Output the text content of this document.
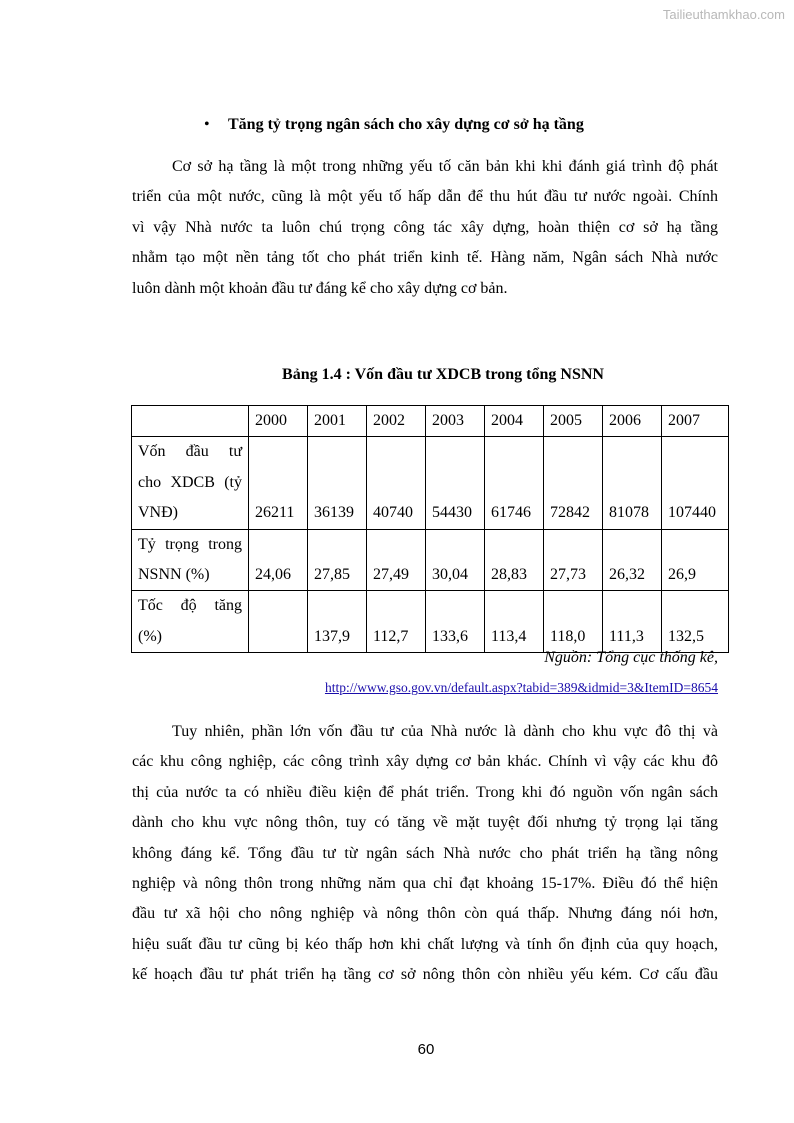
Tailieuthamkhao.com
• Tăng tỷ trọng ngân sách cho xây dựng cơ sở hạ tầng
Cơ sở hạ tầng là một trong những yếu tố căn bản khi khi đánh giá trình độ phát
triển của một nước, cũng là một yếu tố hấp dẫn để thu hút đầu tư nước ngoài. Chính
vì vậy Nhà nước ta luôn chú trọng công tác xây dựng, hoàn thiện cơ sở hạ tầng
nhằm tạo một nền tảng tốt cho phát triển kinh tế. Hàng năm, Ngân sách Nhà nước
luôn dành một khoản đầu tư đáng kể cho xây dựng cơ bản.
Bảng 1.4 : Vốn đầu tư XDCB trong tổng NSNN
	2000	2001	2002	2003	2004	2005	2006	2007

Vốn đầu tư
cho XDCB (tỷ
VNĐ)	26211	36139	40740	54430	61746	72842	81078	107440

Tỷ trọng trong
NSNN (%)	24,06	27,85	27,49	30,04	28,83	27,73	26,32	26,9

Tốc độ tăng
(%)		137,9	112,7	133,6	113,4	118,0	111,3	132,5
Nguồn: Tổng cục thống kê,
http://www.gso.gov.vn/default.aspx?tabid=389&idmid=3&ItemID=8654
Tuy nhiên, phần lớn vốn đầu tư của Nhà nước là dành cho khu vực đô thị và
các khu công nghiệp, các công trình xây dựng cơ bản khác. Chính vì vậy các khu đô
thị của nước ta có nhiều điều kiện để phát triển. Trong khi đó nguồn vốn ngân sách
dành cho khu vực nông thôn, tuy có tăng về mặt tuyệt đối nhưng tỷ trọng lại tăng
không đáng kể. Tổng đầu tư từ ngân sách Nhà nước cho phát triển hạ tầng nông
nghiệp và nông thôn trong những năm qua chỉ đạt khoảng 15-17%. Điều đó thể hiện
đầu tư xã hội cho nông nghiệp và nông thôn còn quá thấp. Nhưng đáng nói hơn,
hiệu suất đầu tư cũng bị kéo thấp hơn khi chất lượng và tính ổn định của quy hoạch,
kế hoạch đầu tư phát triển hạ tầng cơ sở nông thôn còn nhiều yếu kém. Cơ cấu đầu
60
